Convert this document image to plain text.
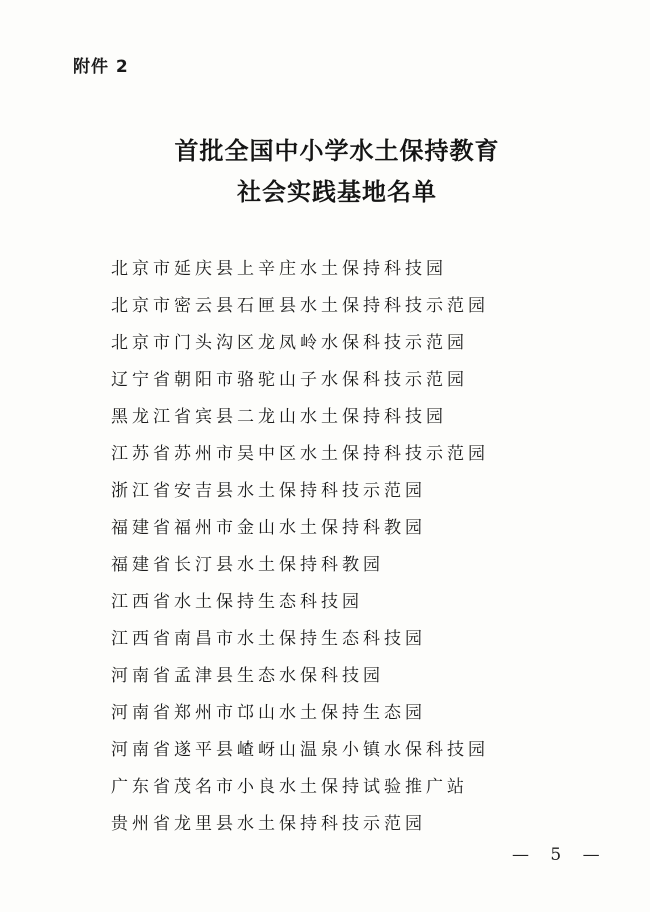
附件 2
首批全国中小学水土保持教育
社会实践基地名单
北京市延庆县上辛庄水土保持科技园
北京市密云县石匣县水土保持科技示范园
北京市门头沟区龙凤岭水保科技示范园
辽宁省朝阳市骆驼山子水保科技示范园
黑龙江省宾县二龙山水土保持科技园
江苏省苏州市吴中区水土保持科技示范园
浙江省安吉县水土保持科技示范园
福建省福州市金山水土保持科教园
福建省长汀县水土保持科教园
江西省水土保持生态科技园
江西省南昌市水土保持生态科技园
河南省孟津县生态水保科技园
河南省郑州市邙山水土保持生态园
河南省遂平县嵖岈山温泉小镇水保科技园
广东省茂名市小良水土保持试验推广站
贵州省龙里县水土保持科技示范园
— 5 —
